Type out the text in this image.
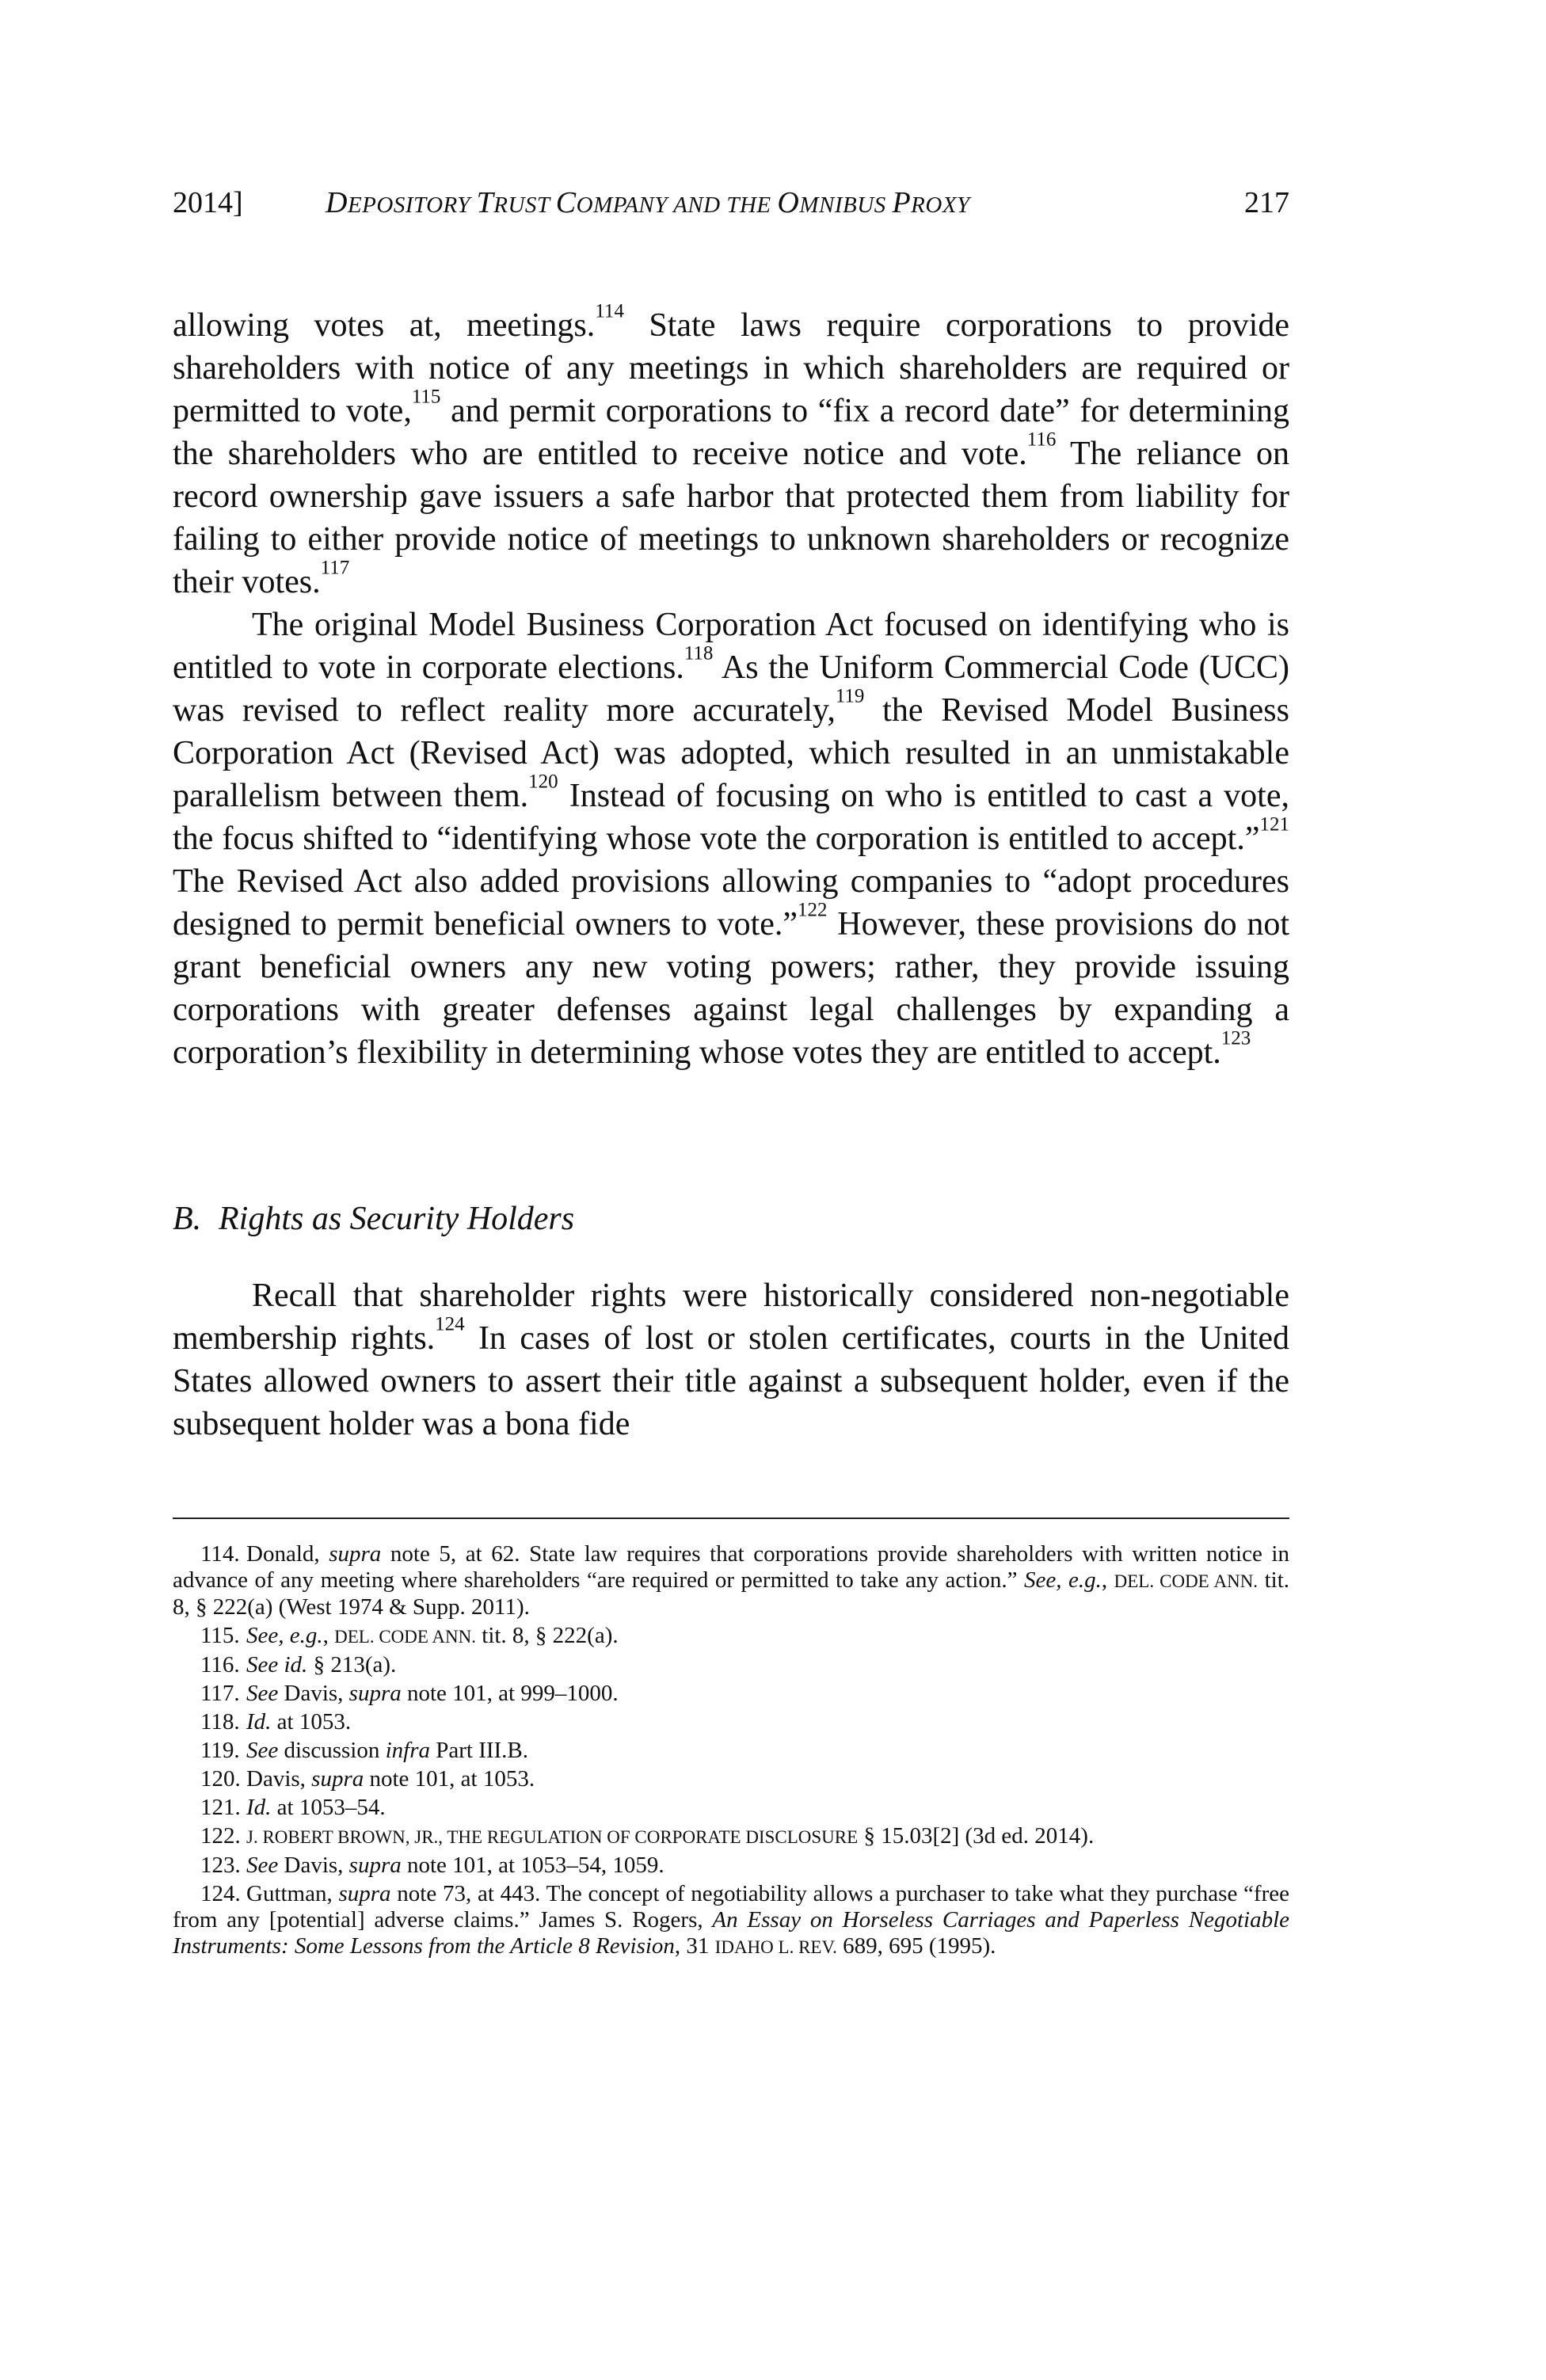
2014]	DEPOSITORY TRUST COMPANY AND THE OMNIBUS PROXY	217

allowing votes at, meetings.$^{114}$ State laws require corporations to provide shareholders with notice of any meetings in which shareholders are required or permitted to vote,$^{115}$ and permit corporations to “fix a record date” for determining the shareholders who are entitled to receive notice and vote.$^{116}$ The reliance on record ownership gave issuers a safe harbor that protected them from liability for failing to either provide notice of meetings to unknown shareholders or recognize their votes.$^{117}$

The original Model Business Corporation Act focused on identifying who is entitled to vote in corporate elections.$^{118}$ As the Uniform Commercial Code (UCC) was revised to reflect reality more accurately,$^{119}$ the Revised Model Business Corporation Act (Revised Act) was adopted, which resulted in an unmistakable parallelism between them.$^{120}$ Instead of focusing on who is entitled to cast a vote, the focus shifted to “identifying whose vote the corporation is entitled to accept.”$^{121}$ The Revised Act also added provisions allowing companies to “adopt procedures designed to permit beneficial owners to vote.”$^{122}$ However, these provisions do not grant beneficial owners any new voting powers; rather, they provide issuing corporations with greater defenses against legal challenges by expanding a corporation’s flexibility in determining whose votes they are entitled to accept.$^{123}$

B. Rights as Security Holders

Recall that shareholder rights were historically considered non-negotiable membership rights.$^{124}$ In cases of lost or stolen certificates, courts in the United States allowed owners to assert their title against a subsequent holder, even if the subsequent holder was a bona fide

114. Donald, supra note 5, at 62. State law requires that corporations provide shareholders with written notice in advance of any meeting where shareholders “are required or permitted to take any action.” See, e.g., DEL. CODE ANN. tit. 8, § 222(a) (West 1974 & Supp. 2011).
115. See, e.g., DEL. CODE ANN. tit. 8, § 222(a).
116. See id. § 213(a).
117. See Davis, supra note 101, at 999–1000.
118. Id. at 1053.
119. See discussion infra Part III.B.
120. Davis, supra note 101, at 1053.
121. Id. at 1053–54.
122. J. ROBERT BROWN, JR., THE REGULATION OF CORPORATE DISCLOSURE § 15.03[2] (3d ed. 2014).
123. See Davis, supra note 101, at 1053–54, 1059.
124. Guttman, supra note 73, at 443. The concept of negotiability allows a purchaser to take what they purchase “free from any [potential] adverse claims.” James S. Rogers, An Essay on Horseless Carriages and Paperless Negotiable Instruments: Some Lessons from the Article 8 Revision, 31 IDAHO L. REV. 689, 695 (1995).
